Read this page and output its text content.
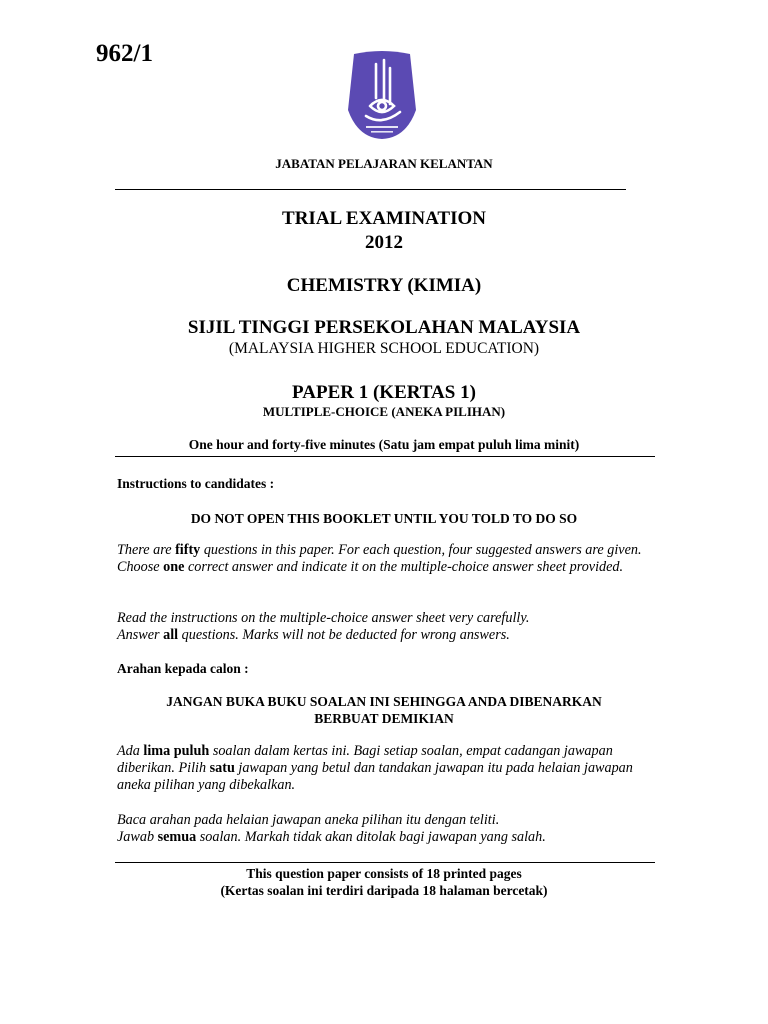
962/1
JABATAN PELAJARAN KELANTAN
TRIAL EXAMINATION
2012
CHEMISTRY (KIMIA)
SIJIL TINGGI PERSEKOLAHAN MALAYSIA
(MALAYSIA HIGHER SCHOOL EDUCATION)
PAPER 1 (KERTAS 1)
MULTIPLE-CHOICE (ANEKA PILIHAN)
One hour and forty-five minutes (Satu jam empat puluh lima minit)
Instructions to candidates :
DO NOT OPEN THIS BOOKLET UNTIL YOU TOLD TO DO SO
There are fifty questions in this paper. For each question, four suggested answers are given. Choose one correct answer and indicate it on the multiple-choice answer sheet provided.
Read the instructions on the multiple-choice answer sheet very carefully.
Answer all questions. Marks will not be deducted for wrong answers.
Arahan kepada calon :
JANGAN BUKA BUKU SOALAN INI SEHINGGA ANDA DIBENARKAN
BERBUAT DEMIKIAN
Ada lima puluh soalan dalam kertas ini. Bagi setiap soalan, empat cadangan jawapan diberikan. Pilih satu jawapan yang betul dan tandakan jawapan itu pada helaian jawapan aneka pilihan yang dibekalkan.
Baca arahan pada helaian jawapan aneka pilihan itu dengan teliti.
Jawab semua soalan. Markah tidak akan ditolak bagi jawapan yang salah.
This question paper consists of 18 printed pages
(Kertas soalan ini terdiri daripada 18 halaman bercetak)
